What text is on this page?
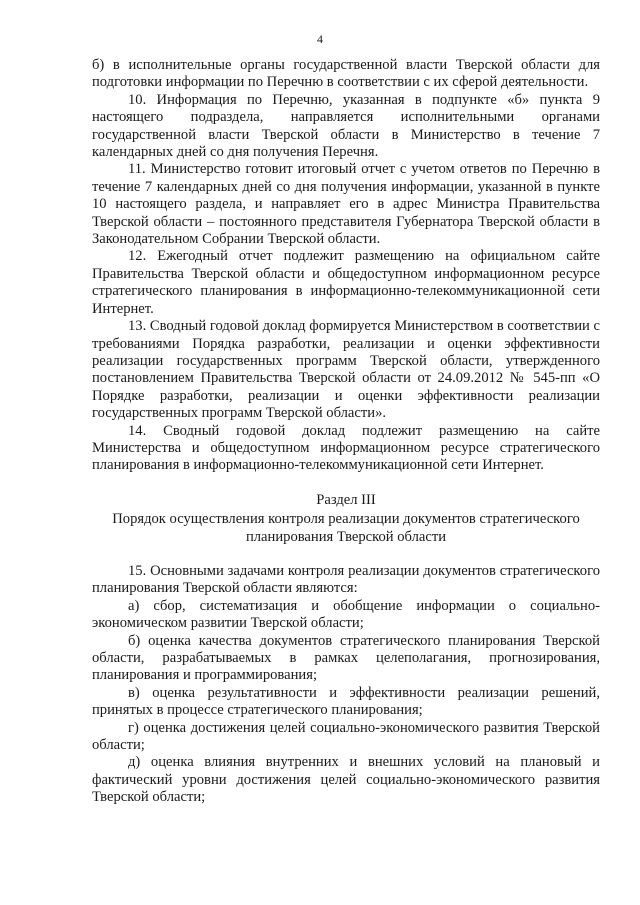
4

б) в исполнительные органы государственной власти Тверской области для подготовки информации по Перечню в соответствии с их сферой деятельности.

10. Информация по Перечню, указанная в подпункте «б» пункта 9 настоящего подраздела, направляется исполнительными органами государственной власти Тверской области в Министерство в течение 7 календарных дней со дня получения Перечня.

11. Министерство готовит итоговый отчет с учетом ответов по Перечню в течение 7 календарных дней со дня получения информации, указанной в пункте 10 настоящего раздела, и направляет его в адрес Министра Правительства Тверской области – постоянного представителя Губернатора Тверской области в Законодательном Собрании Тверской области.

12. Ежегодный отчет подлежит размещению на официальном сайте Правительства Тверской области и общедоступном информационном ресурсе стратегического планирования в информационно-телекоммуникационной сети Интернет.

13. Сводный годовой доклад формируется Министерством в соответствии с требованиями Порядка разработки, реализации и оценки эффективности реализации государственных программ Тверской области, утвержденного постановлением Правительства Тверской области от 24.09.2012 № 545-пп «О Порядке разработки, реализации и оценки эффективности реализации государственных программ Тверской области».

14. Сводный годовой доклад подлежит размещению на сайте Министерства и общедоступном информационном ресурсе стратегического планирования в информационно-телекоммуникационной сети Интернет.

Раздел III

Порядок осуществления контроля реализации документов стратегического планирования Тверской области

15. Основными задачами контроля реализации документов стратегического планирования Тверской области являются:

а) сбор, систематизация и обобщение информации о социально-экономическом развитии Тверской области;

б) оценка качества документов стратегического планирования Тверской области, разрабатываемых в рамках целеполагания, прогнозирования, планирования и программирования;

в) оценка результативности и эффективности реализации решений, принятых в процессе стратегического планирования;

г) оценка достижения целей социально-экономического развития Тверской области;

д) оценка влияния внутренних и внешних условий на плановый и фактический уровни достижения целей социально-экономического развития Тверской области;
